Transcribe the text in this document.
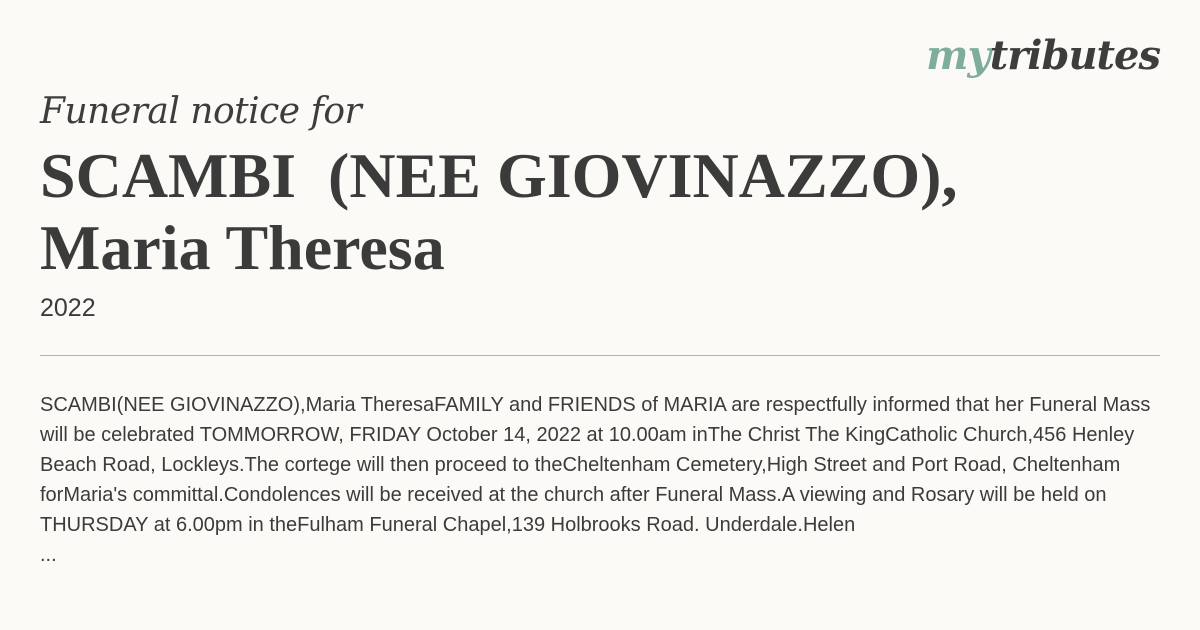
mytributes
Funeral notice for
SCAMBI  (NEE GIOVINAZZO),
Maria Theresa
2022

SCAMBI(NEE GIOVINAZZO),Maria TheresaFAMILY and FRIENDS of MARIA are respectfully informed that her Funeral Mass will be celebrated TOMMORROW, FRIDAY October 14, 2022 at 10.00am inThe Christ The KingCatholic Church,456 Henley Beach Road, Lockleys.The cortege will then proceed to theCheltenham Cemetery,High Street and Port Road, Cheltenham forMaria's committal.Condolences will be received at the church after Funeral Mass.A viewing and Rosary will be held on THURSDAY at 6.00pm in theFulham Funeral Chapel,139 Holbrooks Road. Underdale.Helen

...
